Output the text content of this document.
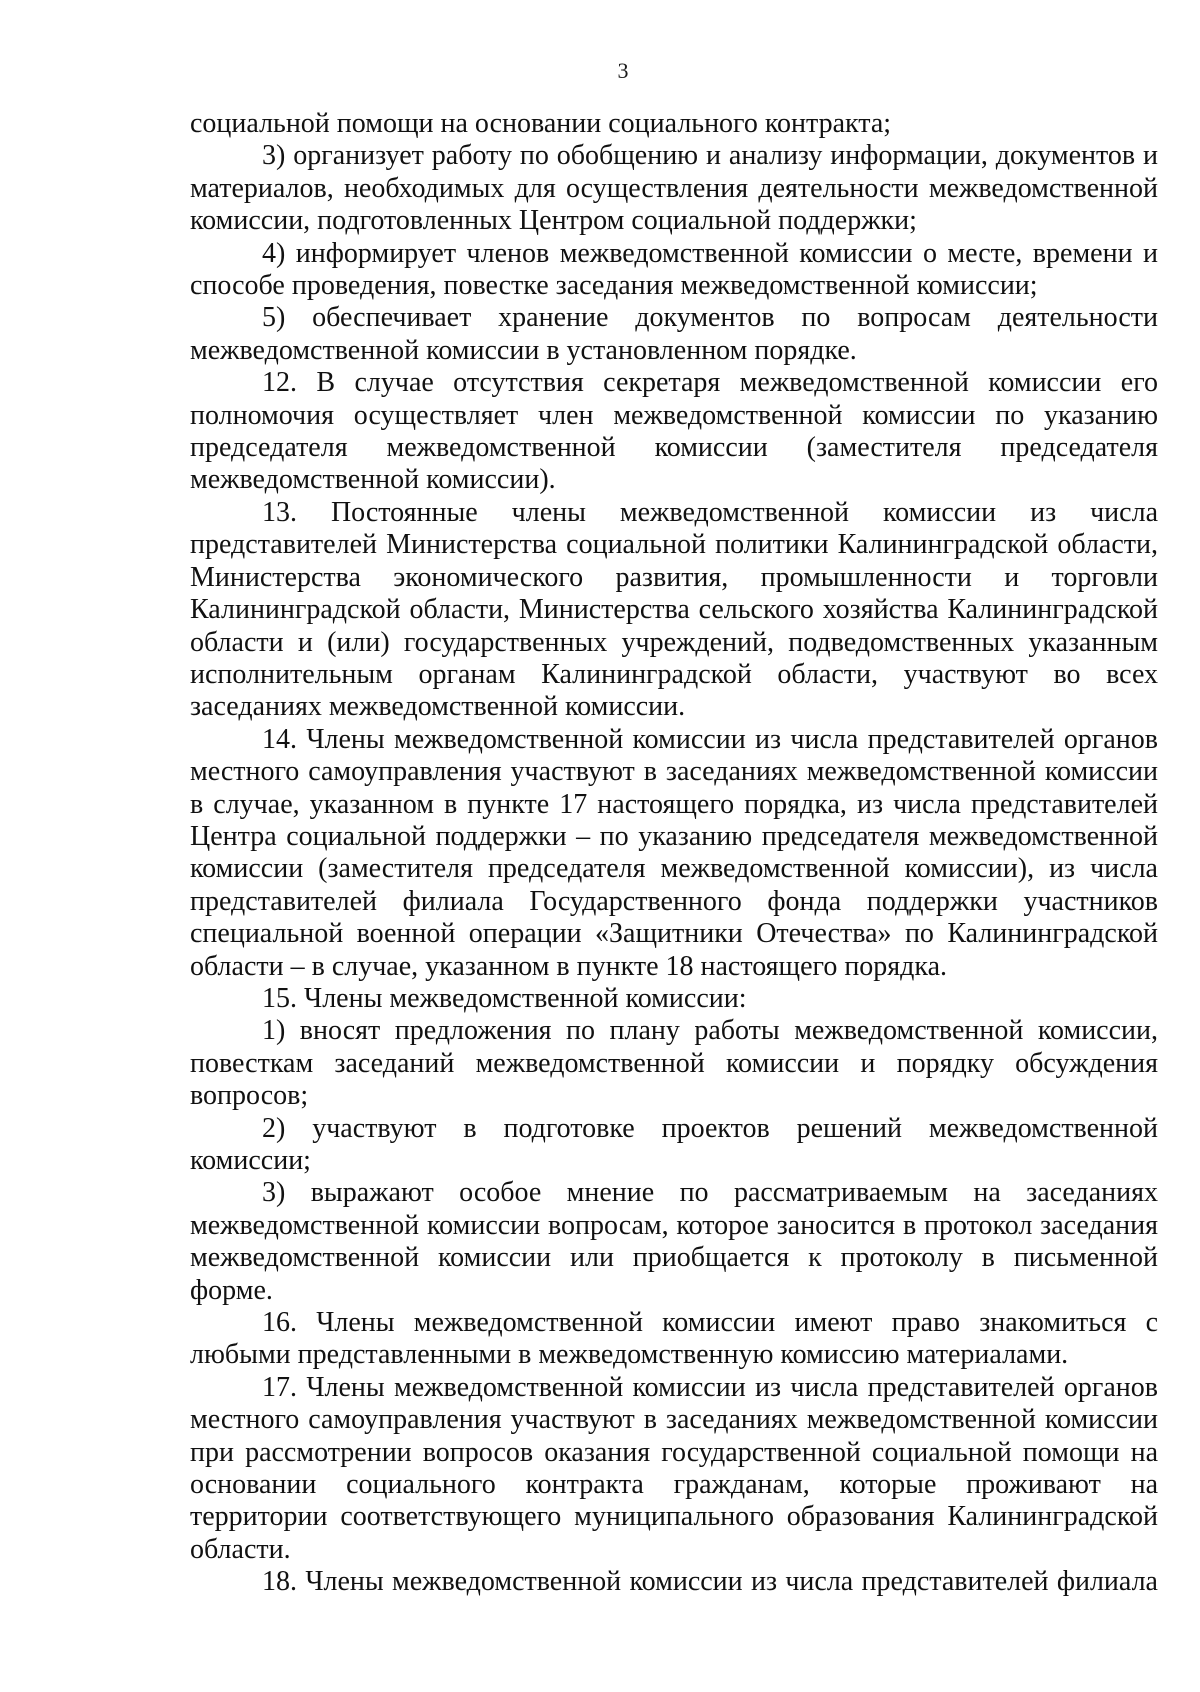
3

социальной помощи на основании социального контракта;

3) организует работу по обобщению и анализу информации, документов и материалов, необходимых для осуществления деятельности межведомственной комиссии, подготовленных Центром социальной поддержки;

4) информирует членов межведомственной комиссии о месте, времени и способе проведения, повестке заседания межведомственной комиссии;

5) обеспечивает хранение документов по вопросам деятельности межведомственной комиссии в установленном порядке.

12. В случае отсутствия секретаря межведомственной комиссии его полномочия осуществляет член межведомственной комиссии по указанию председателя межведомственной комиссии (заместителя председателя межведомственной комиссии).

13. Постоянные члены межведомственной комиссии из числа представителей Министерства социальной политики Калининградской области, Министерства экономического развития, промышленности и торговли Калининградской области, Министерства сельского хозяйства Калининградской области и (или) государственных учреждений, подведомственных указанным исполнительным органам Калининградской области, участвуют во всех заседаниях межведомственной комиссии.

14. Члены межведомственной комиссии из числа представителей органов местного самоуправления участвуют в заседаниях межведомственной комиссии в случае, указанном в пункте 17 настоящего порядка, из числа представителей Центра социальной поддержки – по указанию председателя межведомственной комиссии (заместителя председателя межведомственной комиссии), из числа представителей филиала Государственного фонда поддержки участников специальной военной операции «Защитники Отечества» по Калининградской области – в случае, указанном в пункте 18 настоящего порядка.

15. Члены межведомственной комиссии:

1) вносят предложения по плану работы межведомственной комиссии, повесткам заседаний межведомственной комиссии и порядку обсуждения вопросов;

2) участвуют в подготовке проектов решений межведомственной комиссии;

3) выражают особое мнение по рассматриваемым на заседаниях межведомственной комиссии вопросам, которое заносится в протокол заседания межведомственной комиссии или приобщается к протоколу в письменной форме.

16. Члены межведомственной комиссии имеют право знакомиться с любыми представленными в межведомственную комиссию материалами.

17. Члены межведомственной комиссии из числа представителей органов местного самоуправления участвуют в заседаниях межведомственной комиссии при рассмотрении вопросов оказания государственной социальной помощи на основании социального контракта гражданам, которые проживают на территории соответствующего муниципального образования Калининградской области.

18. Члены межведомственной комиссии из числа представителей филиала
